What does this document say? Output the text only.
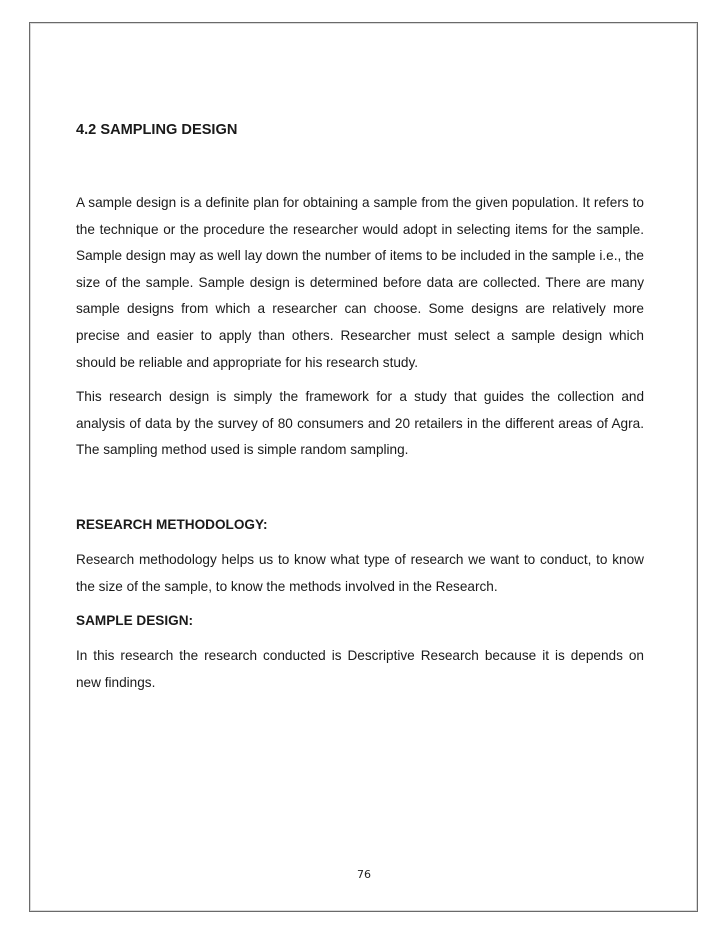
4.2 SAMPLING DESIGN

A sample design is a definite plan for obtaining a sample from the given population. It refers to the technique or the procedure the researcher would adopt in selecting items for the sample. Sample design may as well lay down the number of items to be included in the sample i.e., the size of the sample. Sample design is determined before data are collected. There are many sample designs from which a researcher can choose. Some designs are relatively more precise and easier to apply than others. Researcher must select a sample design which should be reliable and appropriate for his research study.

This research design is simply the framework for a study that guides the collection and analysis of data by the survey of 80 consumers and 20 retailers in the different areas of Agra. The sampling method used is simple random sampling.

RESEARCH METHODOLOGY:

Research methodology helps us to know what type of research we want to conduct, to know the size of the sample, to know the methods involved in the Research.

SAMPLE DESIGN:

In this research the research conducted is Descriptive Research because it is depends on new findings.

76
